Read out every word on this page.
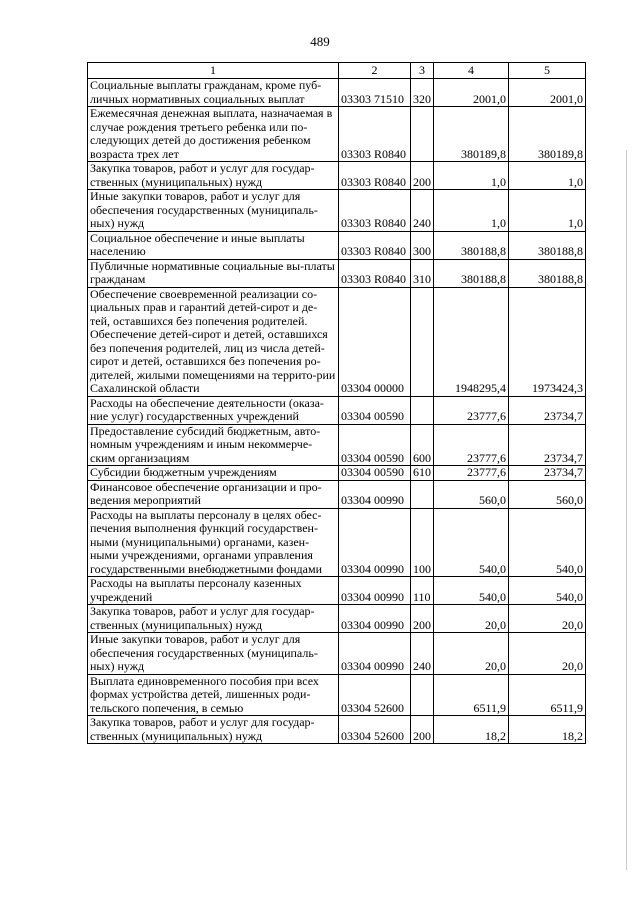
489
1	2	3	4	5
Социальные выплаты гражданам, кроме пуб-личных нормативных социальных выплат	03303 71510	320	2001,0	2001,0
Ежемесячная денежная выплата, назначаемая в случае рождения третьего ребенка или по-следующих детей до достижения ребенком возраста трех лет	03303 R0840		380189,8	380189,8
Закупка товаров, работ и услуг для государ-ственных (муниципальных) нужд	03303 R0840	200	1,0	1,0
Иные закупки товаров, работ и услуг для обеспечения государственных (муниципаль-ных) нужд	03303 R0840	240	1,0	1,0
Социальное обеспечение и иные выплаты населению	03303 R0840	300	380188,8	380188,8
Публичные нормативные социальные вы-платы гражданам	03303 R0840	310	380188,8	380188,8
Обеспечение своевременной реализации со-циальных прав и гарантий детей-сирот и де-тей, оставшихся без попечения родителей. Обеспечение детей-сирот и детей, оставшихся без попечения родителей, лиц из числа детей-сирот и детей, оставшихся без попечения ро-дителей, жилыми помещениями на террито-рии Сахалинской области	03304 00000		1948295,4	1973424,3
Расходы на обеспечение деятельности (оказа-ние услуг) государственных учреждений	03304 00590		23777,6	23734,7
Предоставление субсидий бюджетным, авто-номным учреждениям и иным некоммерче-ским организациям	03304 00590	600	23777,6	23734,7
Субсидии бюджетным учреждениям	03304 00590	610	23777,6	23734,7
Финансовое обеспечение организации и про-ведения мероприятий	03304 00990		560,0	560,0
Расходы на выплаты персоналу в целях обес-печения выполнения функций государствен-ными (муниципальными) органами, казен-ными учреждениями, органами управления государственными внебюджетными фондами	03304 00990	100	540,0	540,0
Расходы на выплаты персоналу казенных учреждений	03304 00990	110	540,0	540,0
Закупка товаров, работ и услуг для государ-ственных (муниципальных) нужд	03304 00990	200	20,0	20,0
Иные закупки товаров, работ и услуг для обеспечения государственных (муниципаль-ных) нужд	03304 00990	240	20,0	20,0
Выплата единовременного пособия при всех формах устройства детей, лишенных роди-тельского попечения, в семью	03304 52600		6511,9	6511,9
Закупка товаров, работ и услуг для государ-ственных (муниципальных) нужд	03304 52600	200	18,2	18,2
